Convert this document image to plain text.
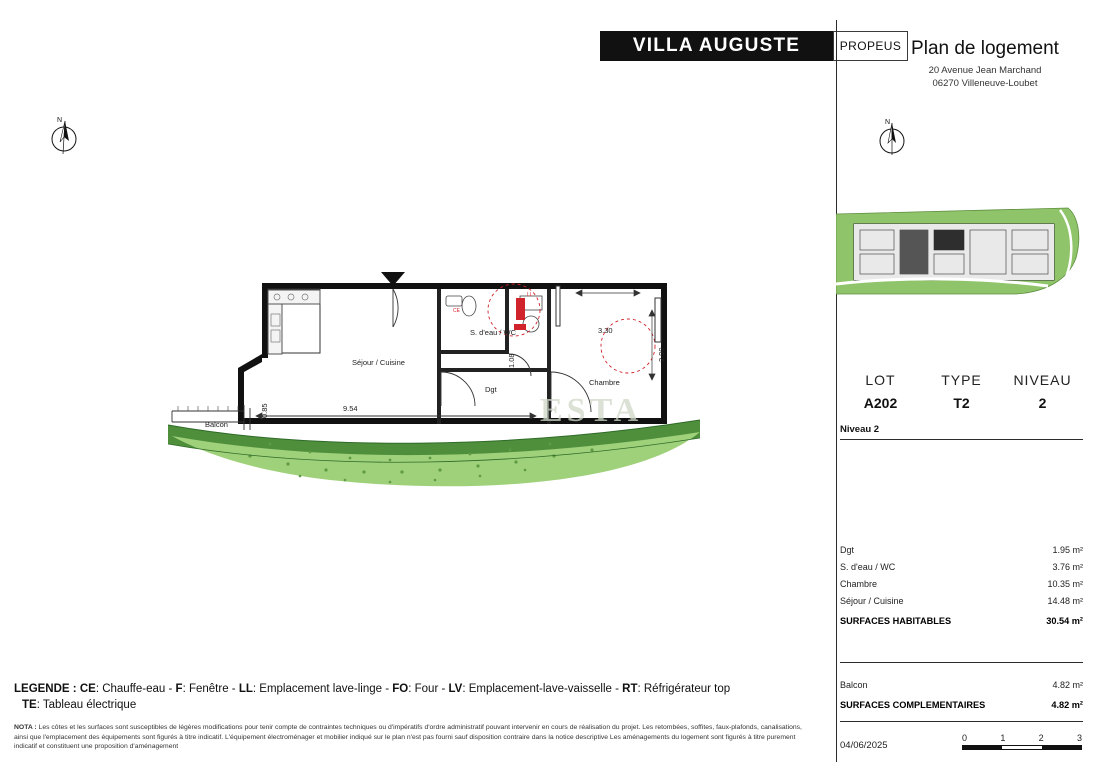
VILLA AUGUSTE	PROPEUS Plan de logement
20 Avenue Jean Marchand
06270 Villeneuve-Loubet
N
LOT
A202
TYPE
T2
NIVEAU
2
Niveau 2
Dgt	1.95 m²
S. d'eau / WC	3.76 m²
Chambre	10.35 m²
Séjour / Cuisine	14.48 m²
SURFACES HABITABLES	30.54 m²
Balcon	4.82 m²
SURFACES COMPLEMENTAIRES	4.82 m²
04/06/2025
0	1	2	3
N
CE
LL
Séjour / Cuisine
S. d'eau / WC
Chambre
Dgt
Balcon
9.54
3.30
2.90
0.85
1.08
ESTA
LEGENDE : CE: Chauffe-eau - F: Fenêtre - LL: Emplacement lave-linge - FO: Four - LV: Emplacement-lave-vaisselle - RT: Réfrigérateur top
TE: Tableau électrique
NOTA : Les côtes et les surfaces sont susceptibles de légères modifications pour tenir compte de contraintes techniques ou d'impératifs d'ordre administratif pouvant intervenir en cours de réalisation du projet. Les retombées, soffites, faux-plafonds, canalisations, ainsi que l'emplacement des équipements sont figurés à titre indicatif. L'équipement électroménager et mobilier indiqué sur le plan n'est pas fourni sauf disposition contraire dans la notice descriptive Les aménagements du logement sont figurés à titre purement indicatif et constituent une proposition d'aménagement
